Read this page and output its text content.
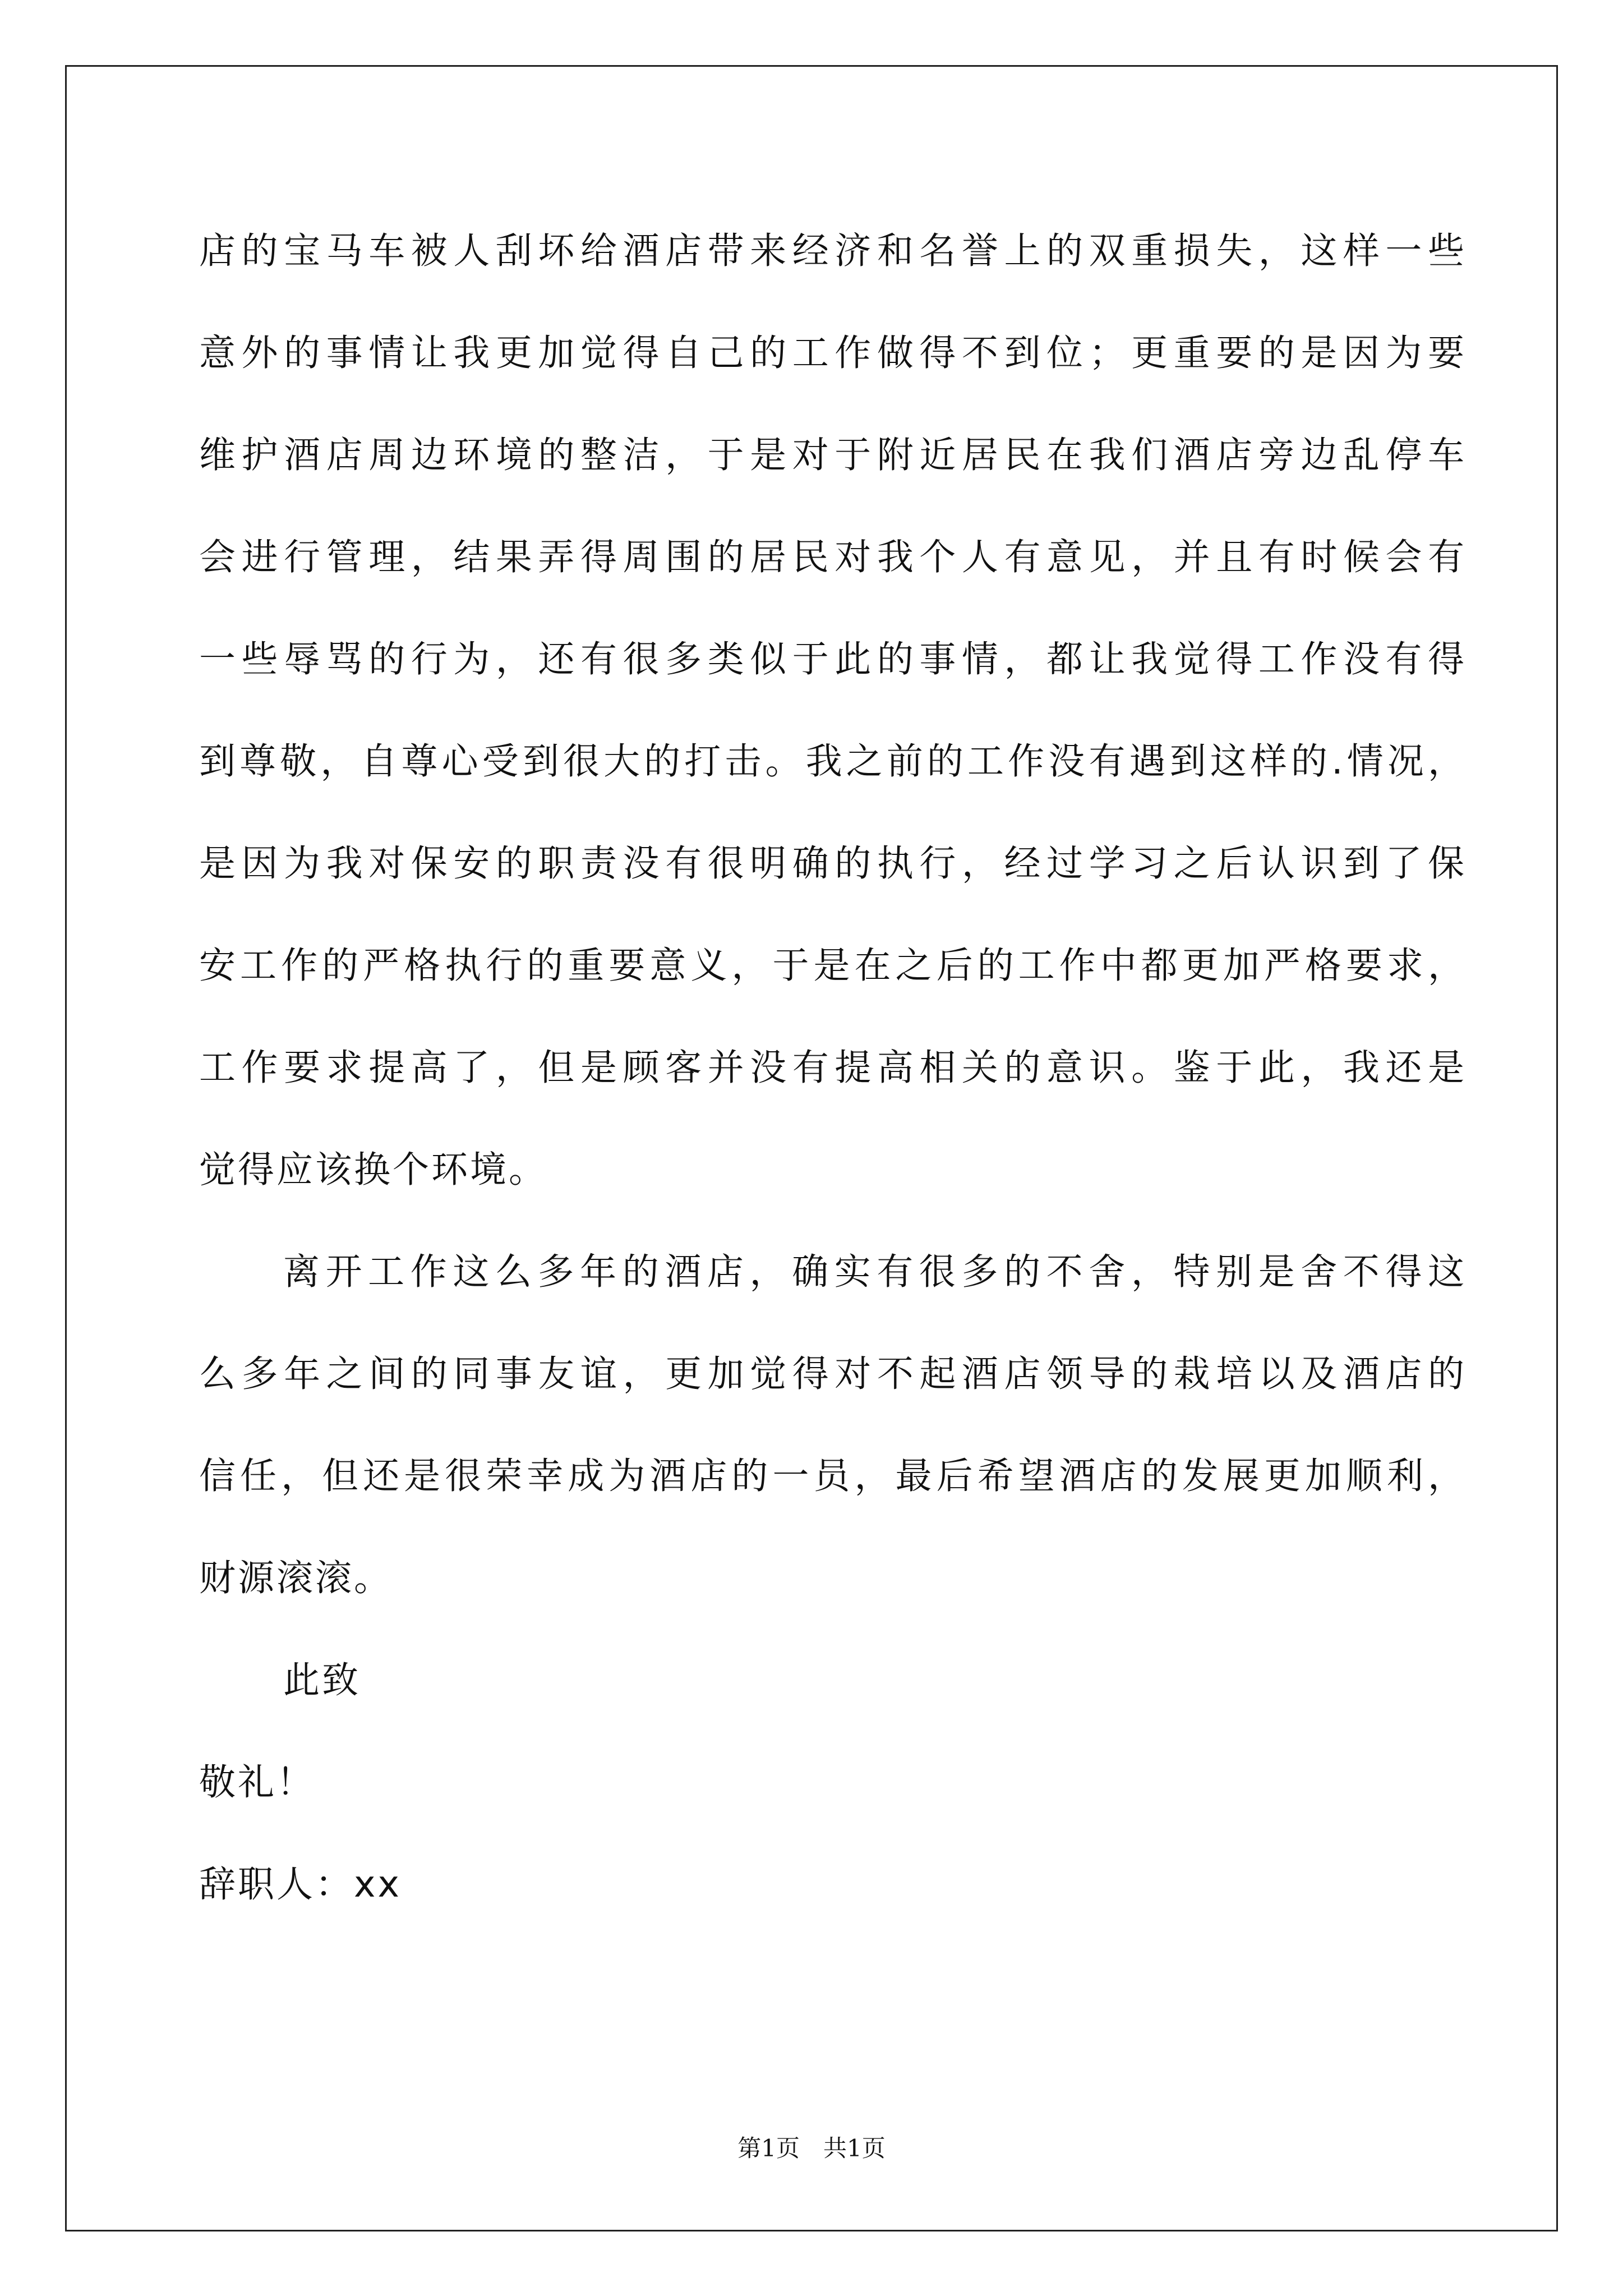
店的宝马车被人刮坏给酒店带来经济和名誉上的双重损失，这样一些
意外的事情让我更加觉得自己的工作做得不到位；更重要的是因为要
维护酒店周边环境的整洁，于是对于附近居民在我们酒店旁边乱停车
会进行管理，结果弄得周围的居民对我个人有意见，并且有时候会有
一些辱骂的行为，还有很多类似于此的事情，都让我觉得工作没有得
到尊敬，自尊心受到很大的打击。我之前的工作没有遇到这样的.情况，
是因为我对保安的职责没有很明确的执行，经过学习之后认识到了保
安工作的严格执行的重要意义，于是在之后的工作中都更加严格要求，
工作要求提高了，但是顾客并没有提高相关的意识。鉴于此，我还是
觉得应该换个环境。
离开工作这么多年的酒店，确实有很多的不舍，特别是舍不得这
么多年之间的同事友谊，更加觉得对不起酒店领导的栽培以及酒店的
信任，但还是很荣幸成为酒店的一员，最后希望酒店的发展更加顺利，
财源滚滚。
此致
敬礼！
辞职人：xx
第1页　共1页
